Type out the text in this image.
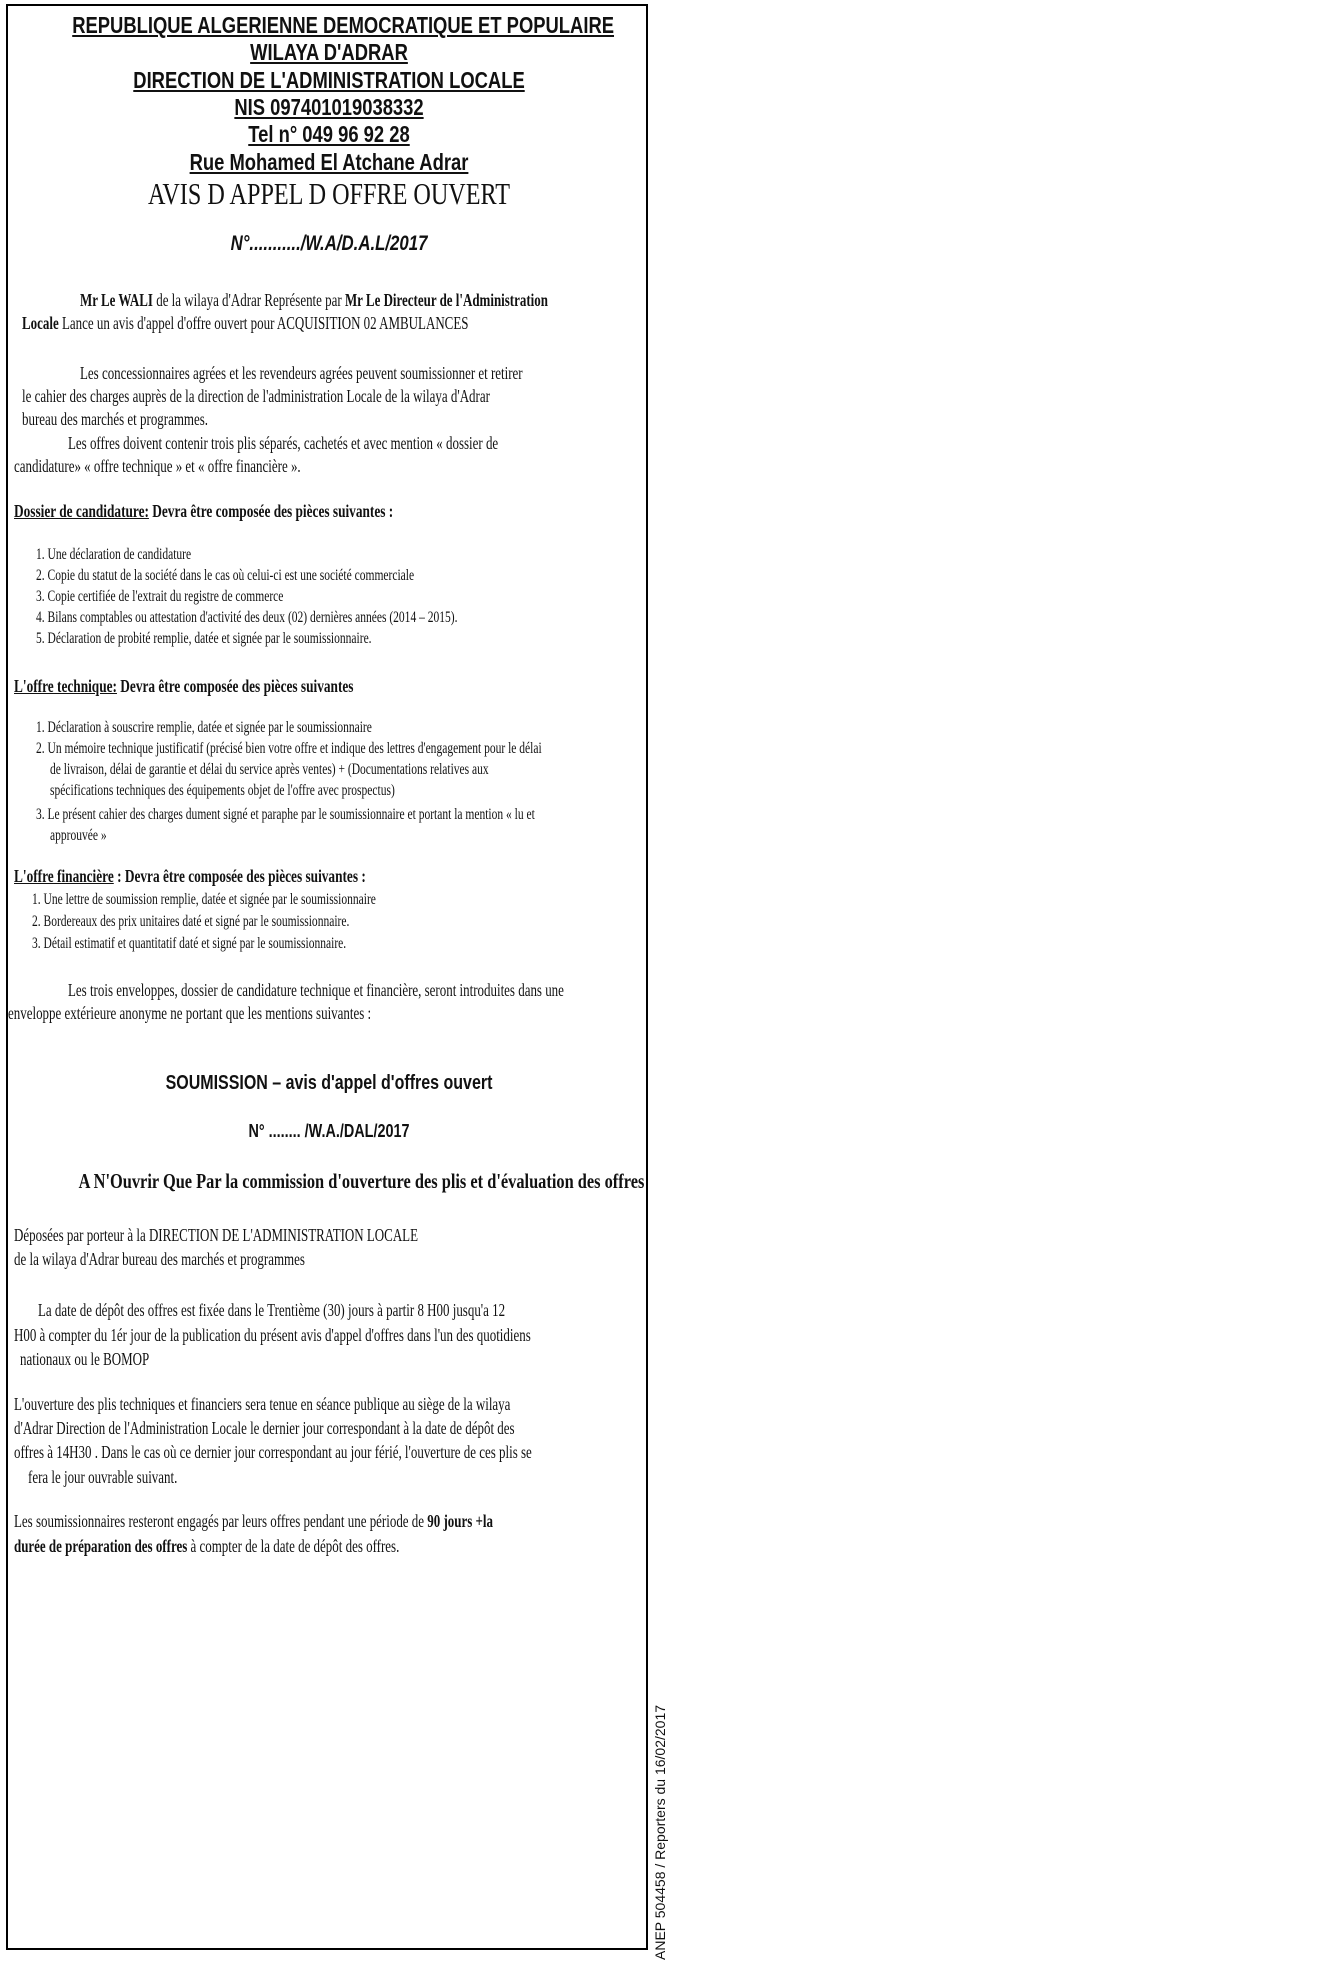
REPUBLIQUE ALGERIENNE DEMOCRATIQUE ET POPULAIRE
WILAYA D'ADRAR
DIRECTION DE L'ADMINISTRATION LOCALE
NIS 097401019038332
Tel n° 049 96 92 28
Rue Mohamed El Atchane Adrar
AVIS D APPEL D OFFRE OUVERT
N°.........../W.A/D.A.L/2017
Mr Le WALI de la wilaya d'Adrar Représente par Mr Le Directeur de l'Administration
Locale Lance un avis d'appel d'offre ouvert pour ACQUISITION 02 AMBULANCES
Les concessionnaires agrées et les revendeurs agrées peuvent soumissionner et retirer
le cahier des charges auprès de la direction de l'administration Locale de la wilaya d'Adrar
bureau des marchés et programmes.
Les offres doivent contenir trois plis séparés, cachetés et avec mention « dossier de
candidature» « offre technique » et « offre financière ».
Dossier de candidature: Devra être composée des pièces suivantes :
1. Une déclaration de candidature
2. Copie du statut de la société dans le cas où celui-ci est une société commerciale
3. Copie certifiée de l'extrait du registre de commerce
4. Bilans comptables ou attestation d'activité des deux (02) dernières années (2014 – 2015).
5. Déclaration de probité remplie, datée et signée par le soumissionnaire.
L'offre technique: Devra être composée des pièces suivantes
1. Déclaration à souscrire remplie, datée et signée par le soumissionnaire
2. Un mémoire technique justificatif (précisé bien votre offre et indique des lettres d'engagement pour le délai
de livraison, délai de garantie et délai du service après ventes) + (Documentations relatives aux
spécifications techniques des équipements objet de l'offre avec prospectus)
3. Le présent cahier des charges dument signé et paraphe par le soumissionnaire et portant la mention « lu et
approuvée »
L'offre financière : Devra être composée des pièces suivantes :
1. Une lettre de soumission remplie, datée et signée par le soumissionnaire
2. Bordereaux des prix unitaires daté et signé par le soumissionnaire.
3. Détail estimatif et quantitatif daté et signé par le soumissionnaire.
Les trois enveloppes, dossier de candidature technique et financière, seront introduites dans une
enveloppe extérieure anonyme ne portant que les mentions suivantes :
SOUMISSION – avis d'appel d'offres ouvert
N° ........ /W.A./DAL/2017
A N'Ouvrir Que Par la commission d'ouverture des plis et d'évaluation des offres
Déposées par porteur à la DIRECTION DE L'ADMINISTRATION LOCALE
de la wilaya d'Adrar bureau des marchés et programmes
La date de dépôt des offres est fixée dans le Trentième (30) jours à partir 8 H00 jusqu'a 12
H00 à compter du 1ér jour de la publication du présent avis d'appel d'offres dans l'un des quotidiens
nationaux ou le BOMOP
L'ouverture des plis techniques et financiers sera tenue en séance publique au siège de la wilaya
d'Adrar Direction de l'Administration Locale le dernier jour correspondant à la date de dépôt des
offres à 14H30 . Dans le cas où ce dernier jour correspondant au jour férié, l'ouverture de ces plis se
fera le jour ouvrable suivant.
Les soumissionnaires resteront engagés par leurs offres pendant une période de 90 jours +la
durée de préparation des offres à compter de la date de dépôt des offres.
ANEP 504458 / Reporters du 16/02/2017
